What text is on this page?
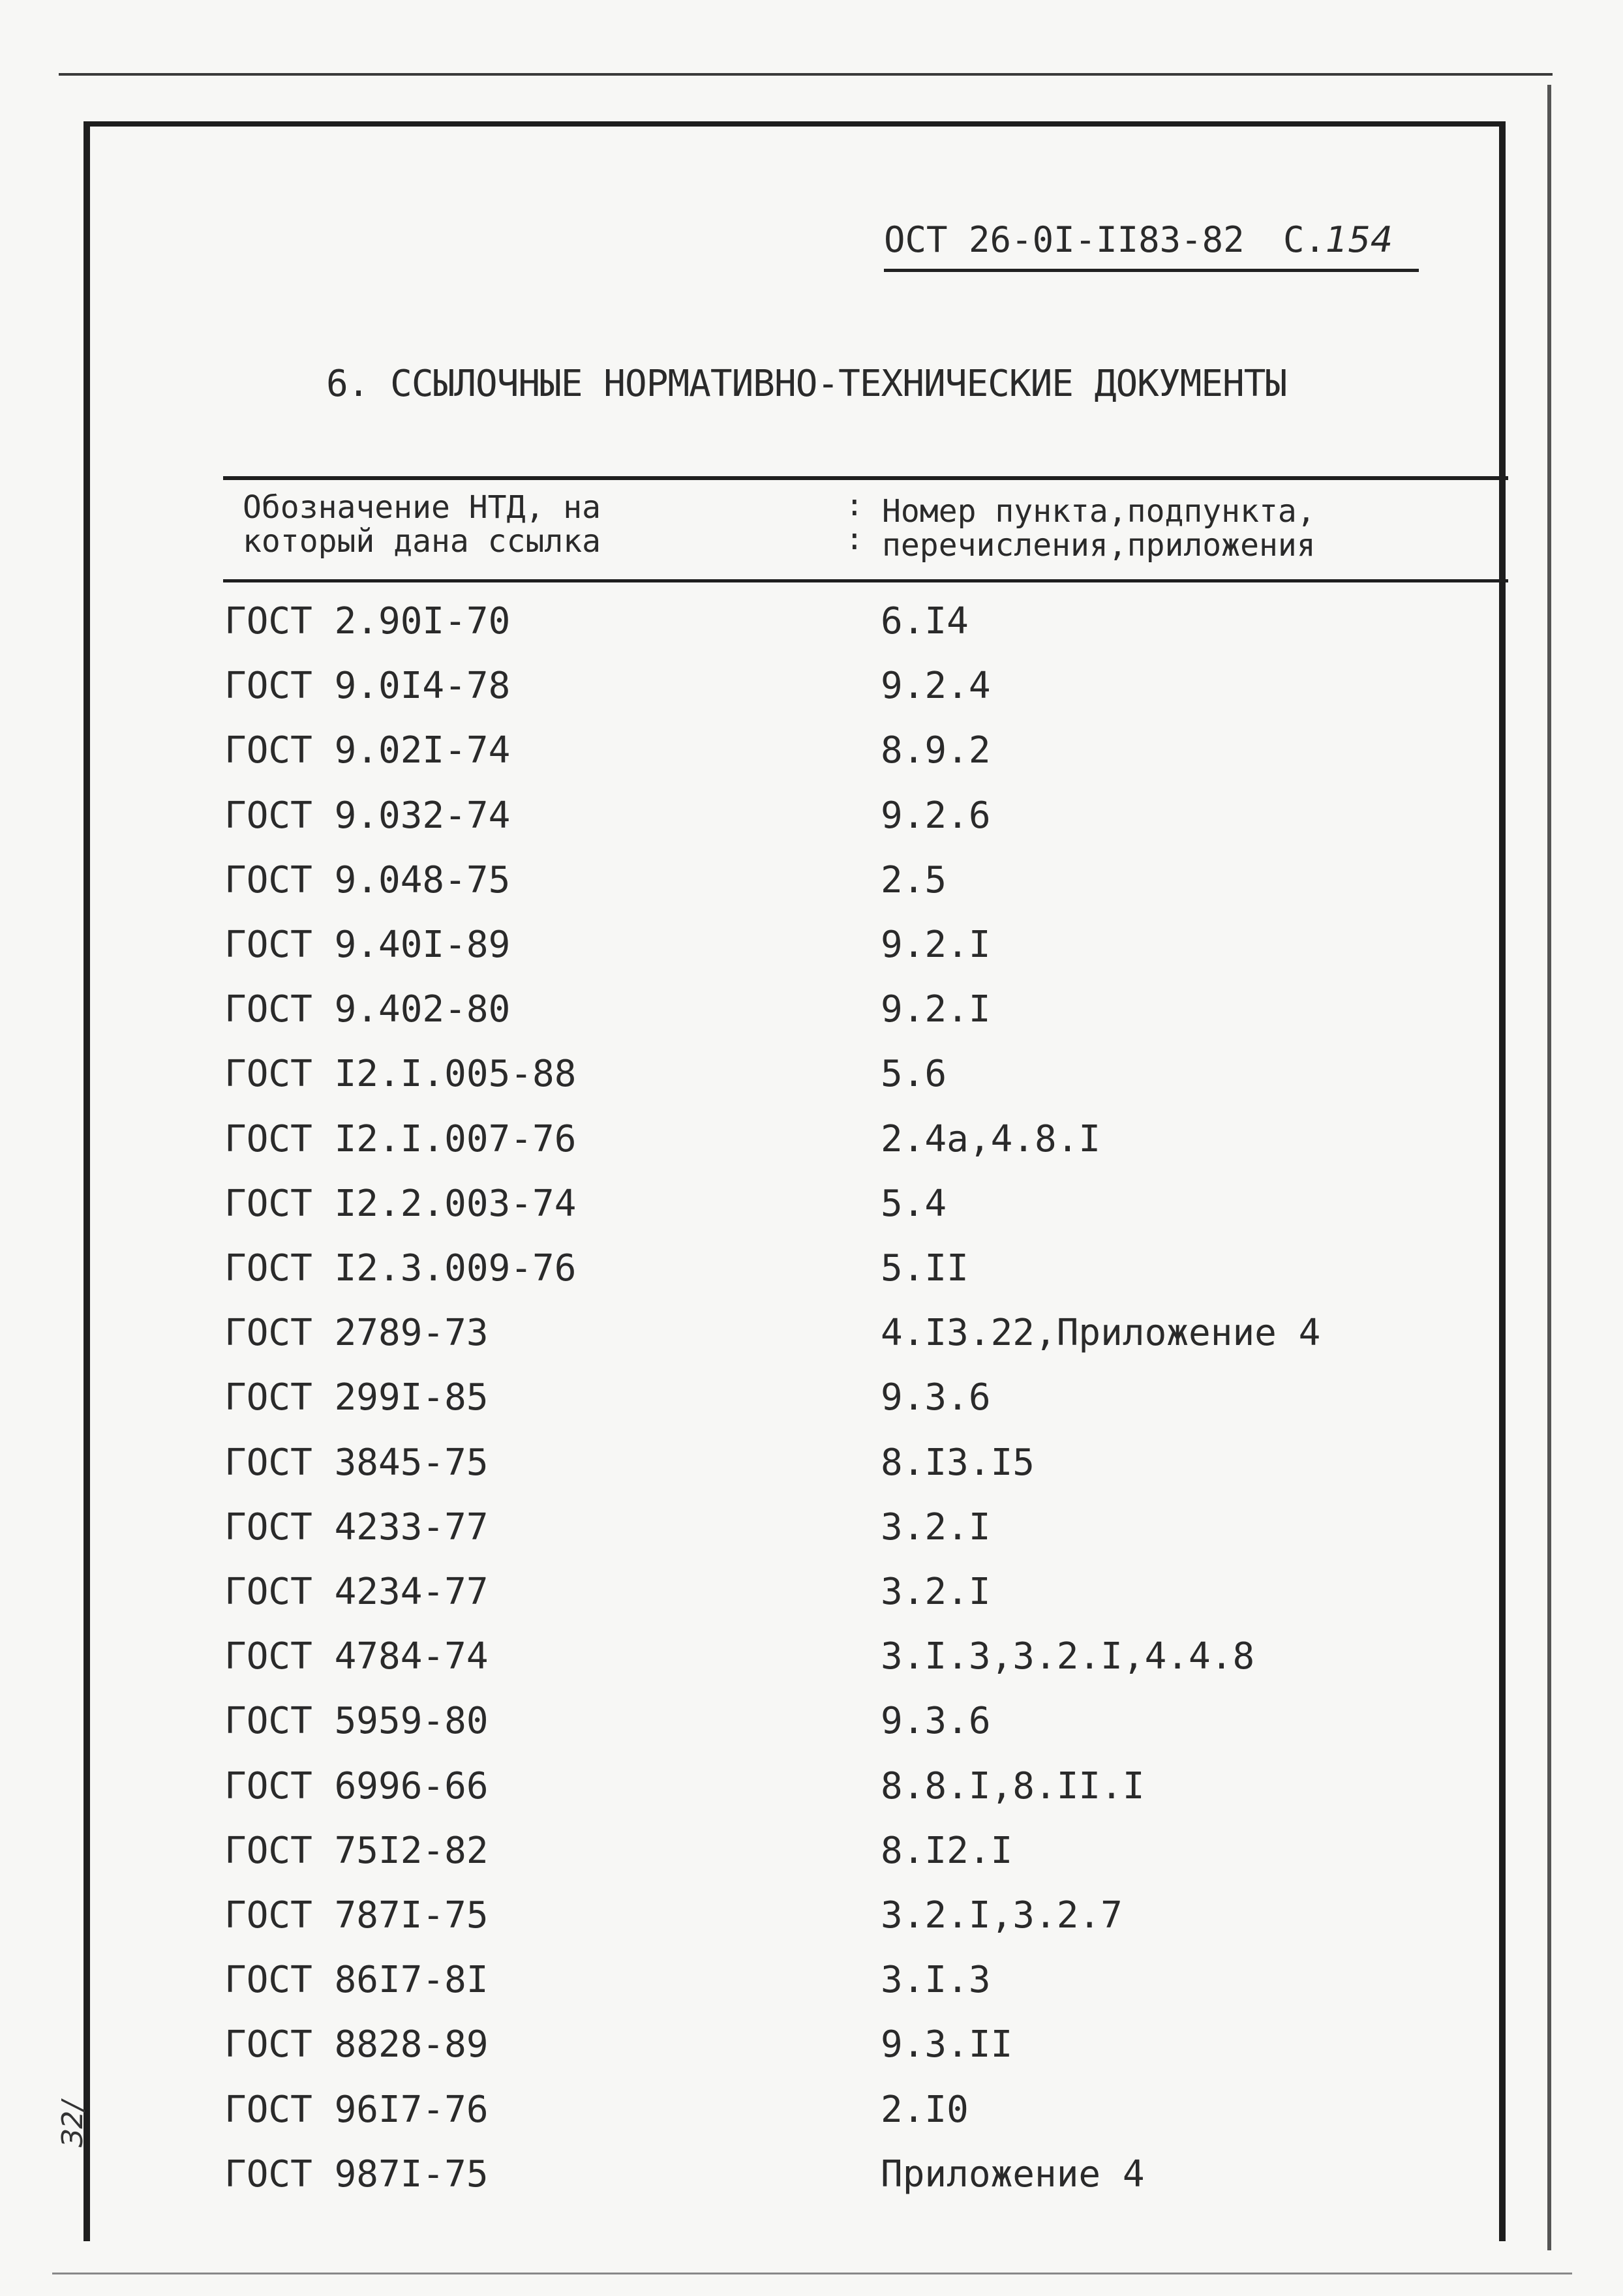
ОСТ 26-0I-II83-82 С.154
6. ССЫЛОЧНЫЕ НОРМАТИВНО-ТЕХНИЧЕСКИЕ ДОКУМЕНТЫ
Обозначение НТД, на
который дана ссылка
:
:
Номер пункта,подпункта,
перечисления,приложения
ГОСТ 2.90I-70	6.I4
ГОСТ 9.0I4-78	9.2.4
ГОСТ 9.02I-74	8.9.2
ГОСТ 9.032-74	9.2.6
ГОСТ 9.048-75	2.5
ГОСТ 9.40I-89	9.2.I
ГОСТ 9.402-80	9.2.I
ГОСТ I2.I.005-88	5.6
ГОСТ I2.I.007-76	2.4а,4.8.I
ГОСТ I2.2.003-74	5.4
ГОСТ I2.3.009-76	5.II
ГОСТ 2789-73	4.I3.22,Приложение 4
ГОСТ 299I-85	9.3.6
ГОСТ 3845-75	8.I3.I5
ГОСТ 4233-77	3.2.I
ГОСТ 4234-77	3.2.I
ГОСТ 4784-74	3.I.3,3.2.I,4.4.8
ГОСТ 5959-80	9.3.6
ГОСТ 6996-66	8.8.I,8.II.I
ГОСТ 75I2-82	8.I2.I
ГОСТ 787I-75	3.2.I,3.2.7
ГОСТ 86I7-8I	3.I.3
ГОСТ 8828-89	9.3.II
ГОСТ 96I7-76	2.I0
ГОСТ 987I-75	Приложение 4
З2/
